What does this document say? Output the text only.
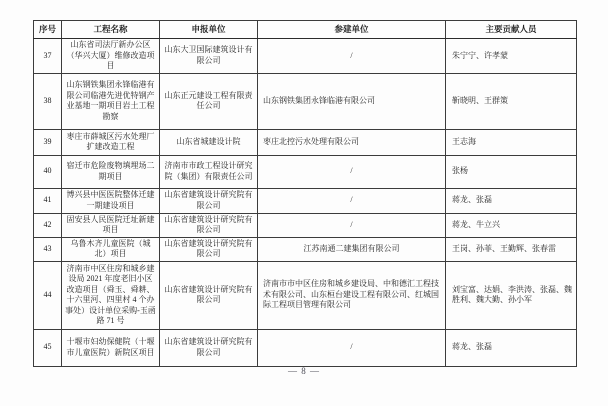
序号	工程名称	申报单位	参建单位	主要贡献人员
37	山东省司法厅新办公区（华兴大厦）维修改造项目	山东大卫国际建筑设计有限公司	/	朱宁宁、许孝蒙
38	山东钢铁集团永锋临港有限公司临港先进优特钢产业基地一期项目岩土工程勘察	山东正元建设工程有限责任公司	山东钢铁集团永锋临港有限公司	靳晓明、王群策
39	枣庄市薛城区污水处理厂扩建改造工程	山东省城建设计院	枣庄北控污水处理有限公司	王志海
40	宿迁市危险废物填埋场二期项目	济南市市政工程设计研究院（集团）有限责任公司	/	张杨
41	博兴县中医医院整体迁建一期建设项目	山东省建筑设计研究院有限公司	/	蒋龙、张磊
42	固安县人民医院迁址新建项目	山东省建筑设计研究院有限公司	/	蒋龙、牛立兴
43	乌鲁木齐儿童医院（城北）项目	山东省建筑设计研究院有限公司	江苏南通二建集团有限公司	王岗、孙菲、王勤辉、张春雷
44	济南市中区住房和城乡建设局 2021 年度老旧小区改造项目（舜玉、舜耕、十六里河、四里村 4 个办事处）设计单位采购-玉函路 71 号	山东省建筑设计研究院有限公司	济南市市中区住房和城乡建设局、中和德汇工程技术有限公司、山东桓台建设工程有限公司、红城国际工程项目管理有限公司	刘宝富、达娟、李洪涛、张磊、魏胜利、魏大勤、孙小军
45	十堰市妇幼保健院（十堰市儿童医院）新院区项目	山东省建筑设计研究院有限公司	/	蒋龙、张磊
— 8 —
